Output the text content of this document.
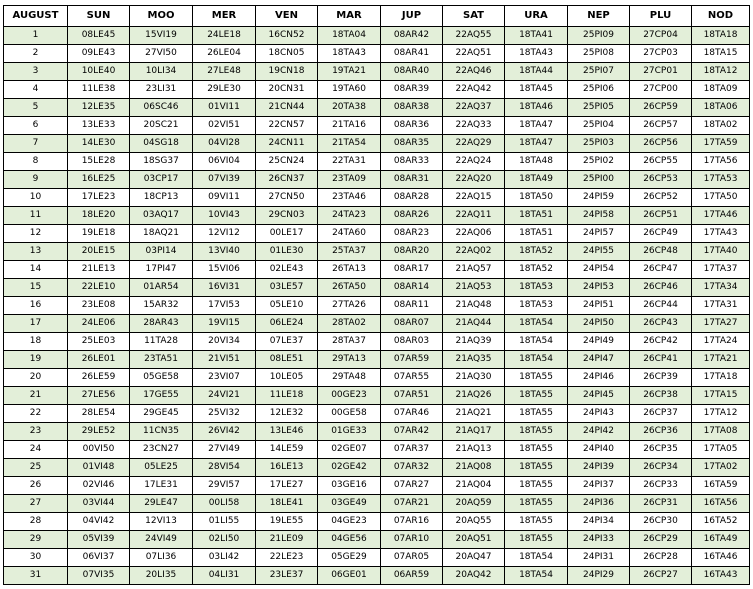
AUGUST	SUN	MOO	MER	VEN	MAR	JUP	SAT	URA	NEP	PLU	NOD
1	08LE45	15VI19	24LE18	16CN52	18TA04	08AR42	22AQ55	18TA41	25PI09	27CP04	18TA18
2	09LE43	27VI50	26LE04	18CN05	18TA43	08AR41	22AQ51	18TA43	25PI08	27CP03	18TA15
3	10LE40	10LI34	27LE48	19CN18	19TA21	08AR40	22AQ46	18TA44	25PI07	27CP01	18TA12
4	11LE38	23LI31	29LE30	20CN31	19TA60	08AR39	22AQ42	18TA45	25PI06	27CP00	18TA09
5	12LE35	06SC46	01VI11	21CN44	20TA38	08AR38	22AQ37	18TA46	25PI05	26CP59	18TA06
6	13LE33	20SC21	02VI51	22CN57	21TA16	08AR36	22AQ33	18TA47	25PI04	26CP57	18TA02
7	14LE30	04SG18	04VI28	24CN11	21TA54	08AR35	22AQ29	18TA47	25PI03	26CP56	17TA59
8	15LE28	18SG37	06VI04	25CN24	22TA31	08AR33	22AQ24	18TA48	25PI02	26CP55	17TA56
9	16LE25	03CP17	07VI39	26CN37	23TA09	08AR31	22AQ20	18TA49	25PI00	26CP53	17TA53
10	17LE23	18CP13	09VI11	27CN50	23TA46	08AR28	22AQ15	18TA50	24PI59	26CP52	17TA50
11	18LE20	03AQ17	10VI43	29CN03	24TA23	08AR26	22AQ11	18TA51	24PI58	26CP51	17TA46
12	19LE18	18AQ21	12VI12	00LE17	24TA60	08AR23	22AQ06	18TA51	24PI57	26CP49	17TA43
13	20LE15	03PI14	13VI40	01LE30	25TA37	08AR20	22AQ02	18TA52	24PI55	26CP48	17TA40
14	21LE13	17PI47	15VI06	02LE43	26TA13	08AR17	21AQ57	18TA52	24PI54	26CP47	17TA37
15	22LE10	01AR54	16VI31	03LE57	26TA50	08AR14	21AQ53	18TA53	24PI53	26CP46	17TA34
16	23LE08	15AR32	17VI53	05LE10	27TA26	08AR11	21AQ48	18TA53	24PI51	26CP44	17TA31
17	24LE06	28AR43	19VI15	06LE24	28TA02	08AR07	21AQ44	18TA54	24PI50	26CP43	17TA27
18	25LE03	11TA28	20VI34	07LE37	28TA37	08AR03	21AQ39	18TA54	24PI49	26CP42	17TA24
19	26LE01	23TA51	21VI51	08LE51	29TA13	07AR59	21AQ35	18TA54	24PI47	26CP41	17TA21
20	26LE59	05GE58	23VI07	10LE05	29TA48	07AR55	21AQ30	18TA55	24PI46	26CP39	17TA18
21	27LE56	17GE55	24VI21	11LE18	00GE23	07AR51	21AQ26	18TA55	24PI45	26CP38	17TA15
22	28LE54	29GE45	25VI32	12LE32	00GE58	07AR46	21AQ21	18TA55	24PI43	26CP37	17TA12
23	29LE52	11CN35	26VI42	13LE46	01GE33	07AR42	21AQ17	18TA55	24PI42	26CP36	17TA08
24	00VI50	23CN27	27VI49	14LE59	02GE07	07AR37	21AQ13	18TA55	24PI40	26CP35	17TA05
25	01VI48	05LE25	28VI54	16LE13	02GE42	07AR32	21AQ08	18TA55	24PI39	26CP34	17TA02
26	02VI46	17LE31	29VI57	17LE27	03GE16	07AR27	21AQ04	18TA55	24PI37	26CP33	16TA59
27	03VI44	29LE47	00LI58	18LE41	03GE49	07AR21	20AQ59	18TA55	24PI36	26CP31	16TA56
28	04VI42	12VI13	01LI55	19LE55	04GE23	07AR16	20AQ55	18TA55	24PI34	26CP30	16TA52
29	05VI39	24VI49	02LI50	21LE09	04GE56	07AR10	20AQ51	18TA55	24PI33	26CP29	16TA49
30	06VI37	07LI36	03LI42	22LE23	05GE29	07AR05	20AQ47	18TA54	24PI31	26CP28	16TA46
31	07VI35	20LI35	04LI31	23LE37	06GE01	06AR59	20AQ42	18TA54	24PI29	26CP27	16TA43
